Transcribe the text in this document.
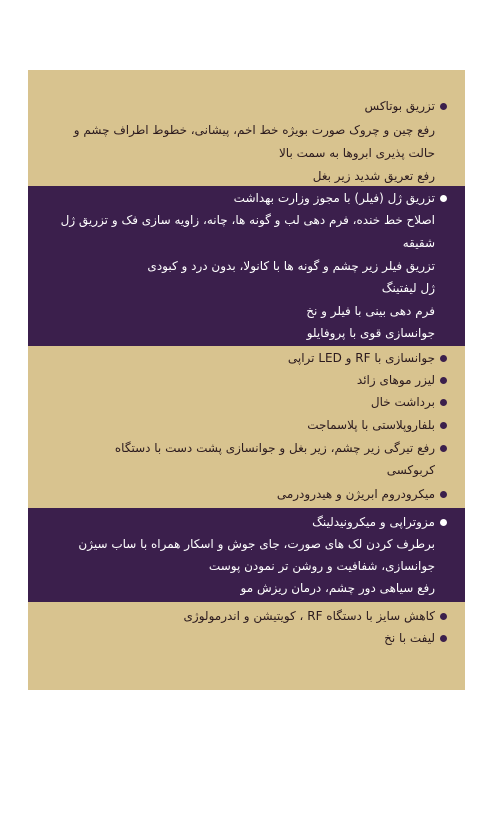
تزریق بوتاکس
رفع چین و چروک صورت بویژه خط اخم، پیشانی، خطوط اطراف چشم و
حالت پذیری ابروها به سمت بالا
رفع تعریق شدید زیر بغل
تزریق ژل (فیلر) با مجوز وزارت بهداشت
اصلاح خط خنده، فرم دهی لب و گونه ها، چانه، زاویه سازی فک و تزریق ژل
شقیقه
تزریق فیلر زیر چشم و گونه ها با کانولا، بدون درد و کبودی
ژل لیفتینگ
فرم دهی بینی با فیلر و نخ
جوانسازی قوی با پروفایلو
جوانسازی با RF و LED تراپی
لیزر موهای زائد
برداشت خال
بلفاروپلاستی با پلاسماجت
رفع تیرگی زیر چشم، زیر بغل و جوانسازی پشت دست با دستگاه
کربوکسی
میکرودروم ابریژن و هیدرودرمی
مزوتراپی و میکرونیدلینگ
برطرف کردن لک های صورت، جای جوش و اسکار همراه با ساب سیژن
جوانسازی، شفافیت و روشن تر نمودن پوست
رفع سیاهی دور چشم، درمان ریزش مو
کاهش سایز با دستگاه RF ، کویتیشن و اندرمولوژی
لیفت با نخ
